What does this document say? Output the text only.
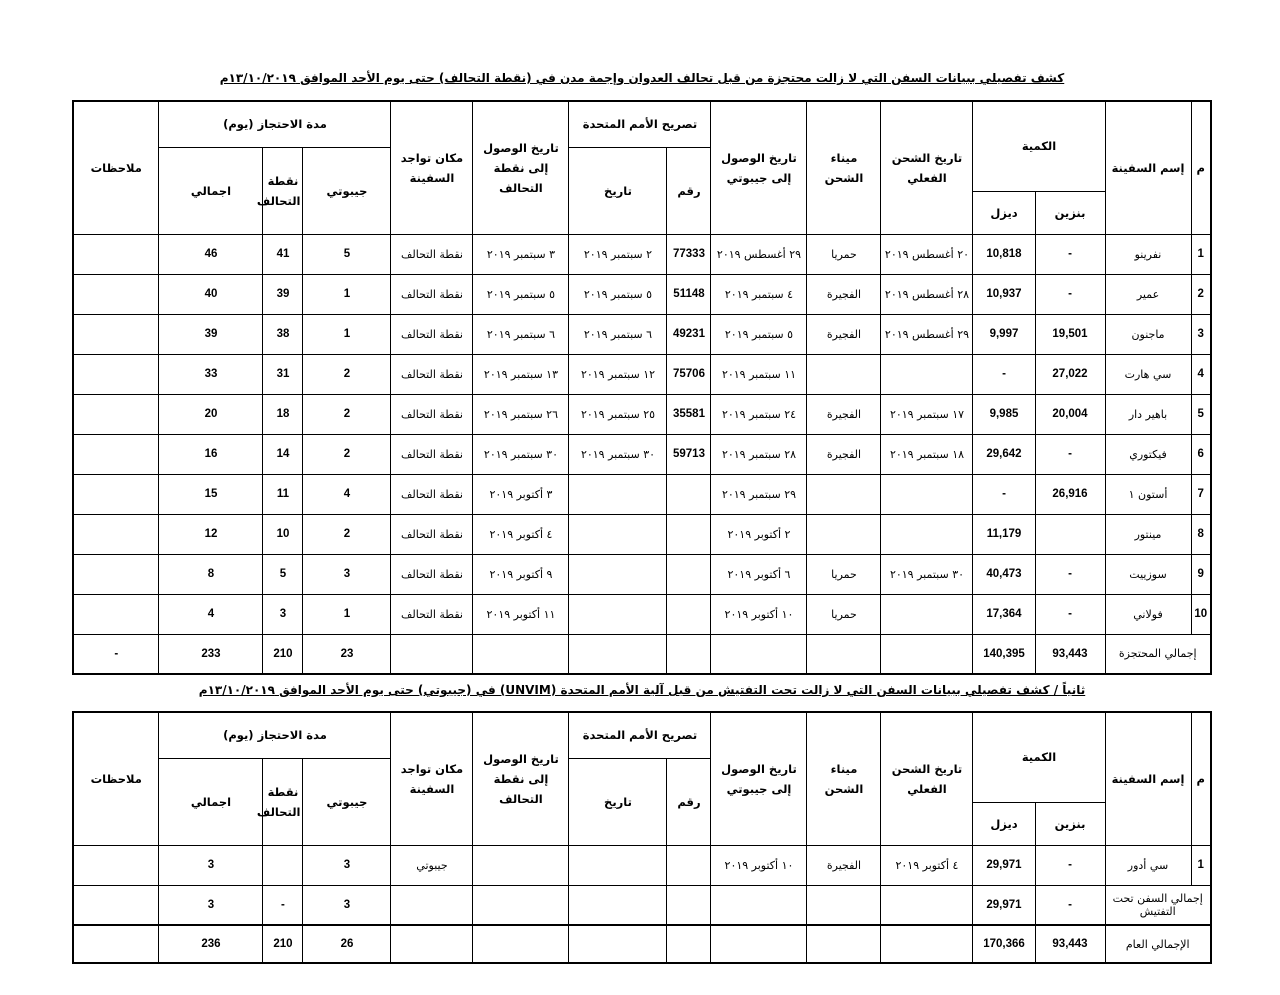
كشف تفصيلي ببيانات السفن التي لا زالت محتجزة من قبل تحالف العدوان وإجمة مدن في (نقطة التحالف) حتى يوم الأحد الموافق ١٣/١٠/٢٠١٩م
م	إسم السفينة	الكمية		تاريخ الشحن الفعلي	ميناء الشحن	تاريخ الوصول إلى جيبوتي	تصريح الأمم المتحدة		تاريخ الوصول إلى نقطة التحالف	مكان تواجد السفينة	مدة الاحتجاز (يوم)			ملاحظات
							رقم	تاريخ			جيبوتي	نقطة التحالف	اجمالي	
		بنزين	ديزل											
1	نفرينو	-	10,818	٢٠ أغسطس ٢٠١٩	حمريا	٢٩ أغسطس ٢٠١٩	77333	٢ سبتمبر ٢٠١٩	٣ سبتمبر ٢٠١٩	نقطة التحالف	5	41	46	
2	عمير	-	10,937	٢٨ أغسطس ٢٠١٩	الفجيرة	٤ سبتمبر ٢٠١٩	51148	٥ سبتمبر ٢٠١٩	٥ سبتمبر ٢٠١٩	نقطة التحالف	1	39	40	
3	ماجنون	19,501	9,997	٢٩ أغسطس ٢٠١٩	الفجيرة	٥ سبتمبر ٢٠١٩	49231	٦ سبتمبر ٢٠١٩	٦ سبتمبر ٢٠١٩	نقطة التحالف	1	38	39	
4	سي هارت	27,022	-			١١ سبتمبر ٢٠١٩	75706	١٢ سبتمبر ٢٠١٩	١٣ سبتمبر ٢٠١٩	نقطة التحالف	2	31	33	
5	باهير دار	20,004	9,985	١٧ سبتمبر ٢٠١٩	الفجيرة	٢٤ سبتمبر ٢٠١٩	35581	٢٥ سبتمبر ٢٠١٩	٢٦ سبتمبر ٢٠١٩	نقطة التحالف	2	18	20	
6	فيكتوري	-	29,642	١٨ سبتمبر ٢٠١٩	الفجيرة	٢٨ سبتمبر ٢٠١٩	59713	٣٠ سبتمبر ٢٠١٩	٣٠ سبتمبر ٢٠١٩	نقطة التحالف	2	14	16	
7	أستون ١	26,916	-			٢٩ سبتمبر ٢٠١٩			٣ أكتوبر ٢٠١٩	نقطة التحالف	4	11	15	
8	مينتور		11,179			٢ أكتوبر ٢٠١٩			٤ أكتوبر ٢٠١٩	نقطة التحالف	2	10	12	
9	سوزييت	-	40,473	٣٠ سبتمبر ٢٠١٩	حمريا	٦ أكتوبر ٢٠١٩			٩ أكتوبر ٢٠١٩	نقطة التحالف	3	5	8	
10	فولاني	-	17,364		حمريا	١٠ أكتوبر ٢٠١٩			١١ أكتوبر ٢٠١٩	نقطة التحالف	1	3	4	
إجمالي المحتجزة		93,443	140,395								23	210	233	-
ثانياً / كشف تفصيلي ببيانات السفن التي لا زالت تحت التفتيش من قبل آلية الأمم المتحدة (UNVIM) في (جيبوتي) حتى يوم الأحد الموافق ١٣/١٠/٢٠١٩م
م	إسم السفينة	الكمية		تاريخ الشحن الفعلي	ميناء الشحن	تاريخ الوصول إلى جيبوتي	تصريح الأمم المتحدة		تاريخ الوصول إلى نقطة التحالف	مكان تواجد السفينة	مدة الاحتجاز (يوم)			ملاحظات
							رقم	تاريخ			جيبوتي	نقطة التحالف	اجمالي	
		بنزين	ديزل											
1	سي أدور	-	29,971	٤ أكتوبر ٢٠١٩	الفجيرة	١٠ أكتوبر ٢٠١٩				جيبوتي	3		3	
إجمالي السفن تحت التفتيش		-	29,971								3	-	3	
الإجمالي العام		93,443	170,366								26	210	236	
